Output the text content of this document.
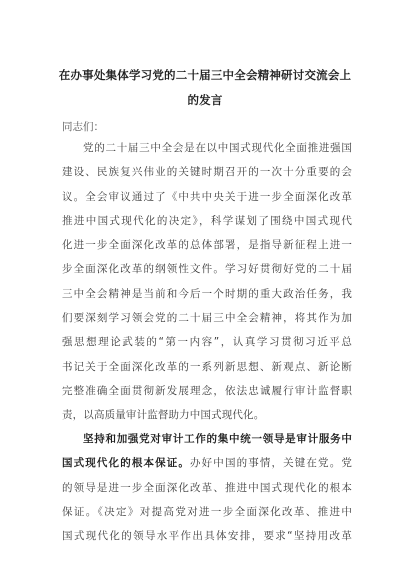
在办事处集体学习党的二十届三中全会精神研讨交流会上
的发言
同志们：
党的二十届三中全会是在以中国式现代化全面推进强国
建设、民族复兴伟业的关键时期召开的一次十分重要的会
议。全会审议通过了《中共中央关于进一步全面深化改革
推进中国式现代化的决定》，科学谋划了围绕中国式现代
化进一步全面深化改革的总体部署，是指导新征程上进一
步全面深化改革的纲领性文件。学习好贯彻好党的二十届
三中全会精神是当前和今后一个时期的重大政治任务，我
们要深刻学习领会党的二十届三中全会精神，将其作为加
强思想理论武装的“第一内容”，认真学习贯彻习近平总
书记关于全面深化改革的一系列新思想、新观点、新论断
完整准确全面贯彻新发展理念，依法忠诚履行审计监督职
责，以高质量审计监督助力中国式现代化。
坚持和加强党对审计工作的集中统一领导是审计服务中
国式现代化的根本保证。办好中国的事情，关键在党。党
的领导是进一步全面深化改革、推进中国式现代化的根本
保证。《决定》对提高党对进一步全面深化改革、推进中
国式现代化的领导水平作出具体安排，要求“坚持用改革
